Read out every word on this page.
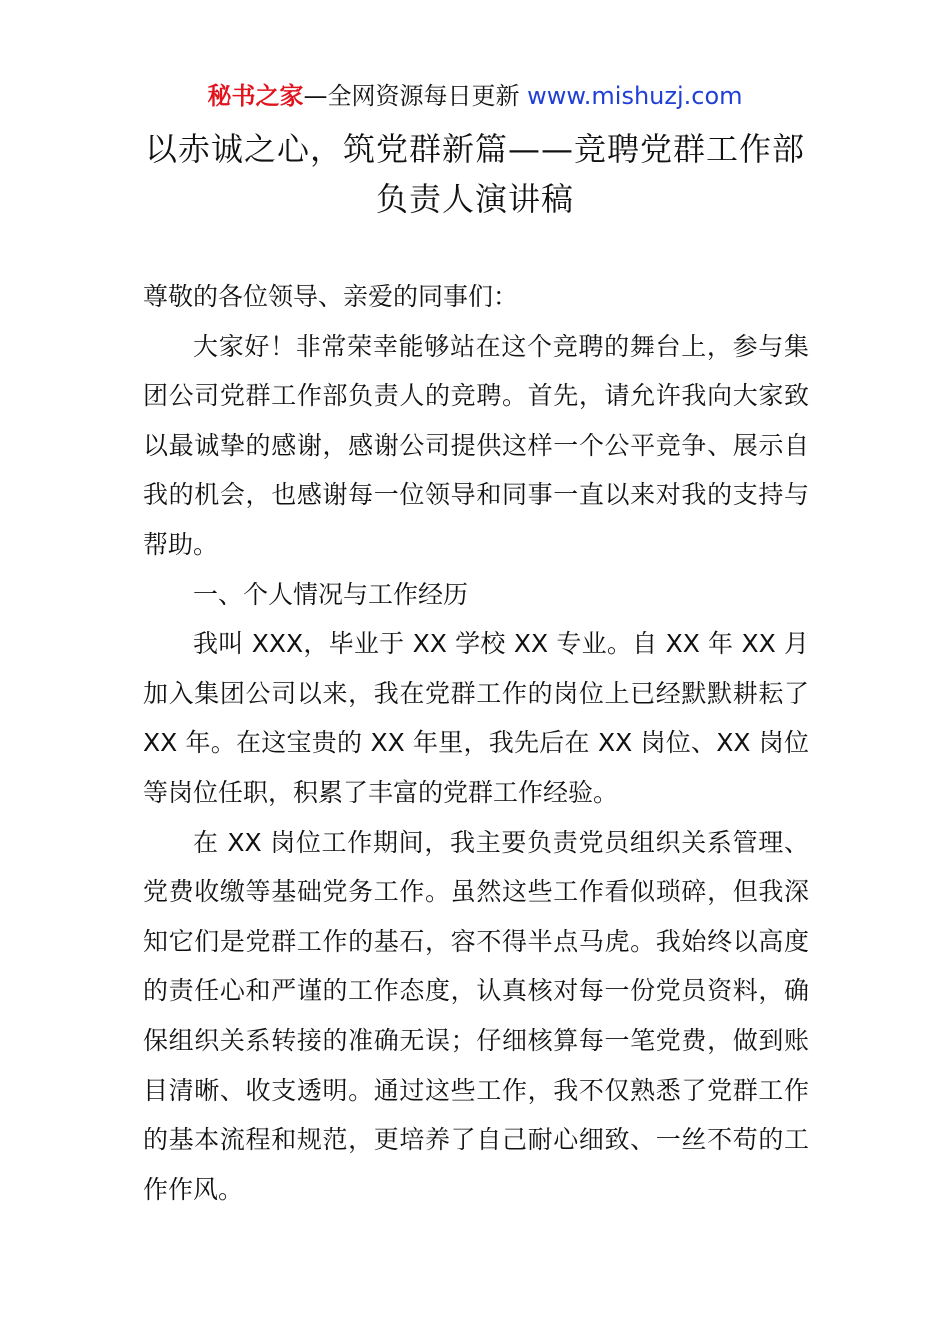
秘书之家—全网资源每日更新 www.mishuzj.com
以赤诚之心，筑党群新篇——竞聘党群工作部
负责人演讲稿

尊敬的各位领导、亲爱的同事们：

大家好！非常荣幸能够站在这个竞聘的舞台上，参与集团公司党群工作部负责人的竞聘。首先，请允许我向大家致以最诚挚的感谢，感谢公司提供这样一个公平竞争、展示自我的机会，也感谢每一位领导和同事一直以来对我的支持与帮助。

一、个人情况与工作经历

我叫 XXX，毕业于 XX 学校 XX 专业。自 XX 年 XX 月加入集团公司以来，我在党群工作的岗位上已经默默耕耘了 XX 年。在这宝贵的 XX 年里，我先后在 XX 岗位、XX 岗位等岗位任职，积累了丰富的党群工作经验。

在 XX 岗位工作期间，我主要负责党员组织关系管理、党费收缴等基础党务工作。虽然这些工作看似琐碎，但我深知它们是党群工作的基石，容不得半点马虎。我始终以高度的责任心和严谨的工作态度，认真核对每一份党员资料，确保组织关系转接的准确无误；仔细核算每一笔党费，做到账目清晰、收支透明。通过这些工作，我不仅熟悉了党群工作的基本流程和规范，更培养了自己耐心细致、一丝不苟的工作作风。
